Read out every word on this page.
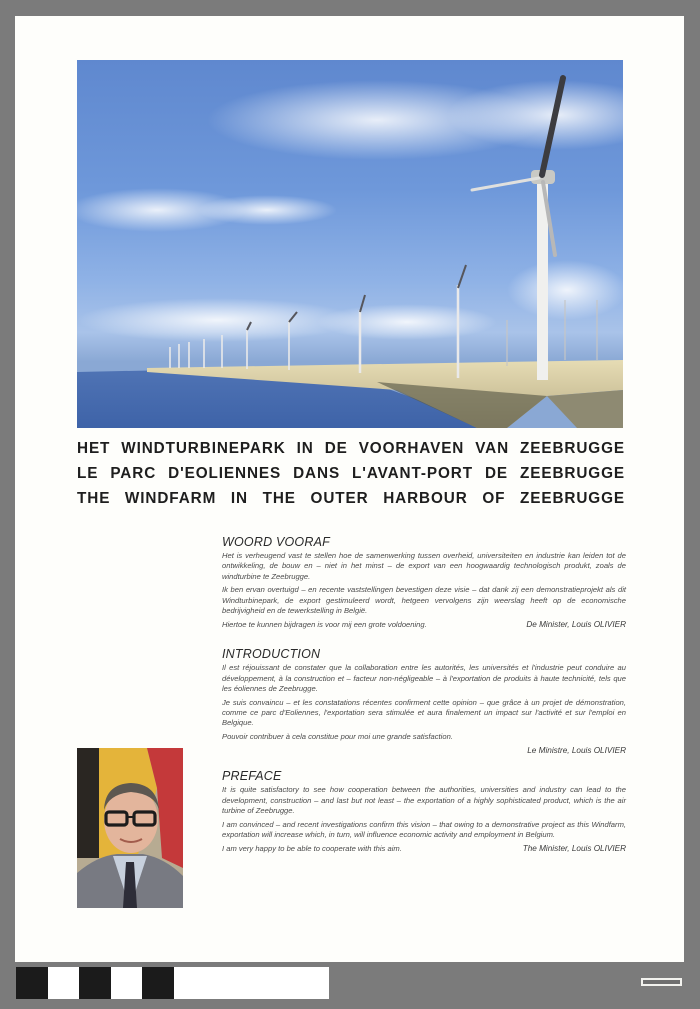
HET WINDTURBINEPARK IN DE VOORHAVEN VAN ZEEBRUGGE
LE PARC D'EOLIENNES DANS L'AVANT-PORT DE ZEEBRUGGE
THE WINDFARM IN THE OUTER HARBOUR OF ZEEBRUGGE
WOORD VOORAF

Het is verheugend vast te stellen hoe de samenwerking tussen overheid, universiteiten en industrie kan leiden tot de ontwikkeling, de bouw en – niet in het minst – de export van een hoogwaardig technologisch produkt, zoals de windturbine te Zeebrugge.

Ik ben ervan overtuigd – en recente vaststellingen bevestigen deze visie – dat dank zij een demonstratieprojekt als dit Windturbinepark, de export gestimuleerd wordt, hetgeen vervolgens zijn weerslag heeft op de economische bedrijvigheid en de tewerkstelling in België.

Hiertoe te kunnen bijdragen is voor mij een grote voldoening.	De Minister, Louis OLIVIER
INTRODUCTION

Il est réjouissant de constater que la collaboration entre les autorités, les universités et l'industrie peut conduire au développement, à la construction et – facteur non-négligeable – à l'exportation de produits à haute technicité, tels que les éoliennes de Zeebrugge.

Je suis convaincu – et les constatations récentes confirment cette opinion – que grâce à un projet de démonstration, comme ce parc d'Eoliennes, l'exportation sera stimulée et aura finalement un impact sur l'activité et sur l'emploi en Belgique.

Pouvoir contribuer à cela constitue pour moi une grande satisfaction.

Le Ministre, Louis OLIVIER
PREFACE

It is quite satisfactory to see how cooperation between the authorities, universities and industry can lead to the development, construction – and last but not least – the exportation of a highly sophisticated product, which is the air turbine of Zeebrugge.

I am convinced – and recent investigations confirm this vision – that owing to a demonstrative project as this Windfarm, exportation will increase which, in turn, will influence economic activity and employment in Belgium.

I am very happy to be able to cooperate with this aim.	The Minister, Louis OLIVIER
